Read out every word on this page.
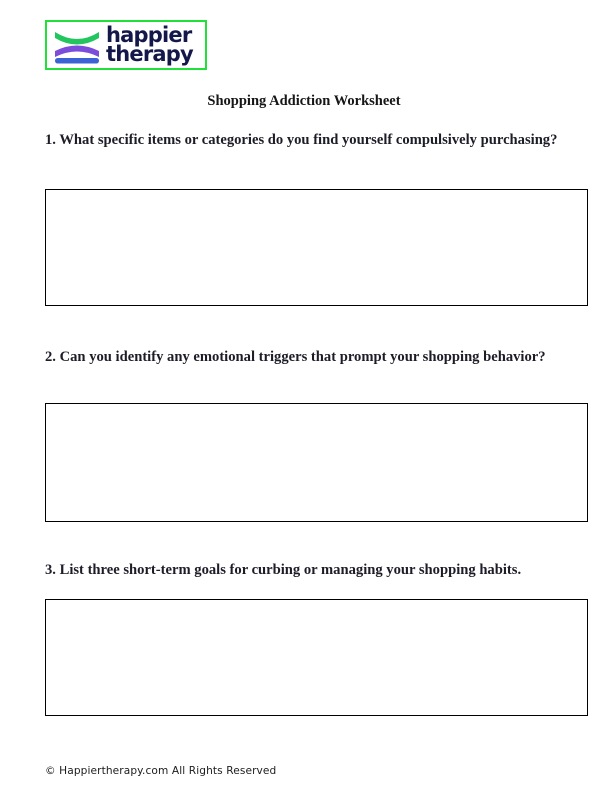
happier
therapy
Shopping Addiction Worksheet
1. What specific items or categories do you find yourself compulsively purchasing?
2. Can you identify any emotional triggers that prompt your shopping behavior?
3. List three short-term goals for curbing or managing your shopping habits.
© Happiertherapy.com All Rights Reserved
